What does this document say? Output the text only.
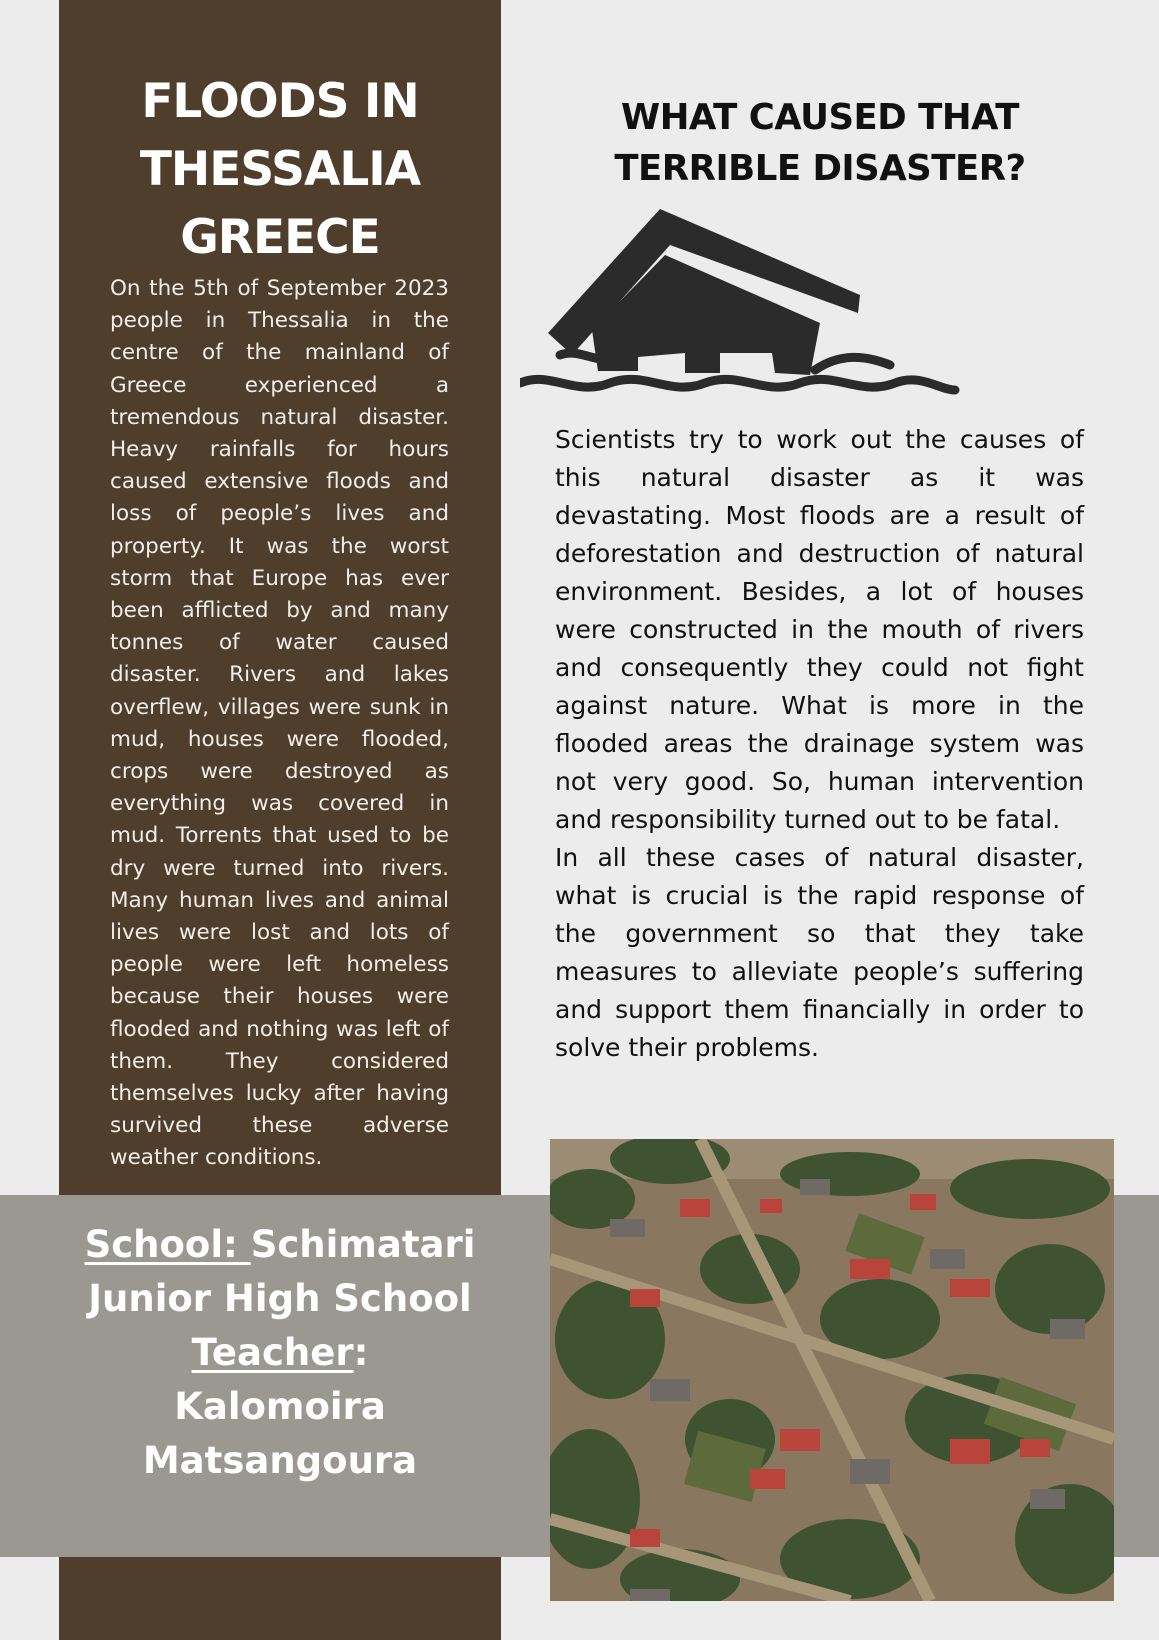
FLOODS IN
THESSALIA
GREECE
On the 5th of September 2023 people in Thessalia in the centre of the mainland of Greece experienced a tremendous natural disaster. Heavy rainfalls for hours caused extensive floods and loss of people’s lives and property. It was the worst storm that Europe has ever been afflicted by and many tonnes of water caused disaster. Rivers and lakes overflew, villages were sunk in mud, houses were flooded, crops were destroyed as everything was covered in mud. Torrents that used to be dry were turned into rivers. Many human lives and animal lives were lost and lots of people were left homeless because their houses were flooded and nothing was left of them. They considered themselves lucky after having survived these adverse weather conditions.
School: Schimatari
Junior High School
Teacher:
Kalomoira
Matsangoura
WHAT CAUSED THAT
TERRIBLE DISASTER?

Scientists try to work out the causes of this natural disaster as it was devastating. Most floods are a result of deforestation and destruction of natural environment. Besides, a lot of houses were constructed in the mouth of rivers and consequently they could not fight against nature. What is more in the flooded areas the drainage system was not very good. So, human intervention and responsibility turned out to be fatal.

In all these cases of natural disaster, what is crucial is the rapid response of the government so that they take measures to alleviate people’s suffering and support them financially in order to solve their problems.
